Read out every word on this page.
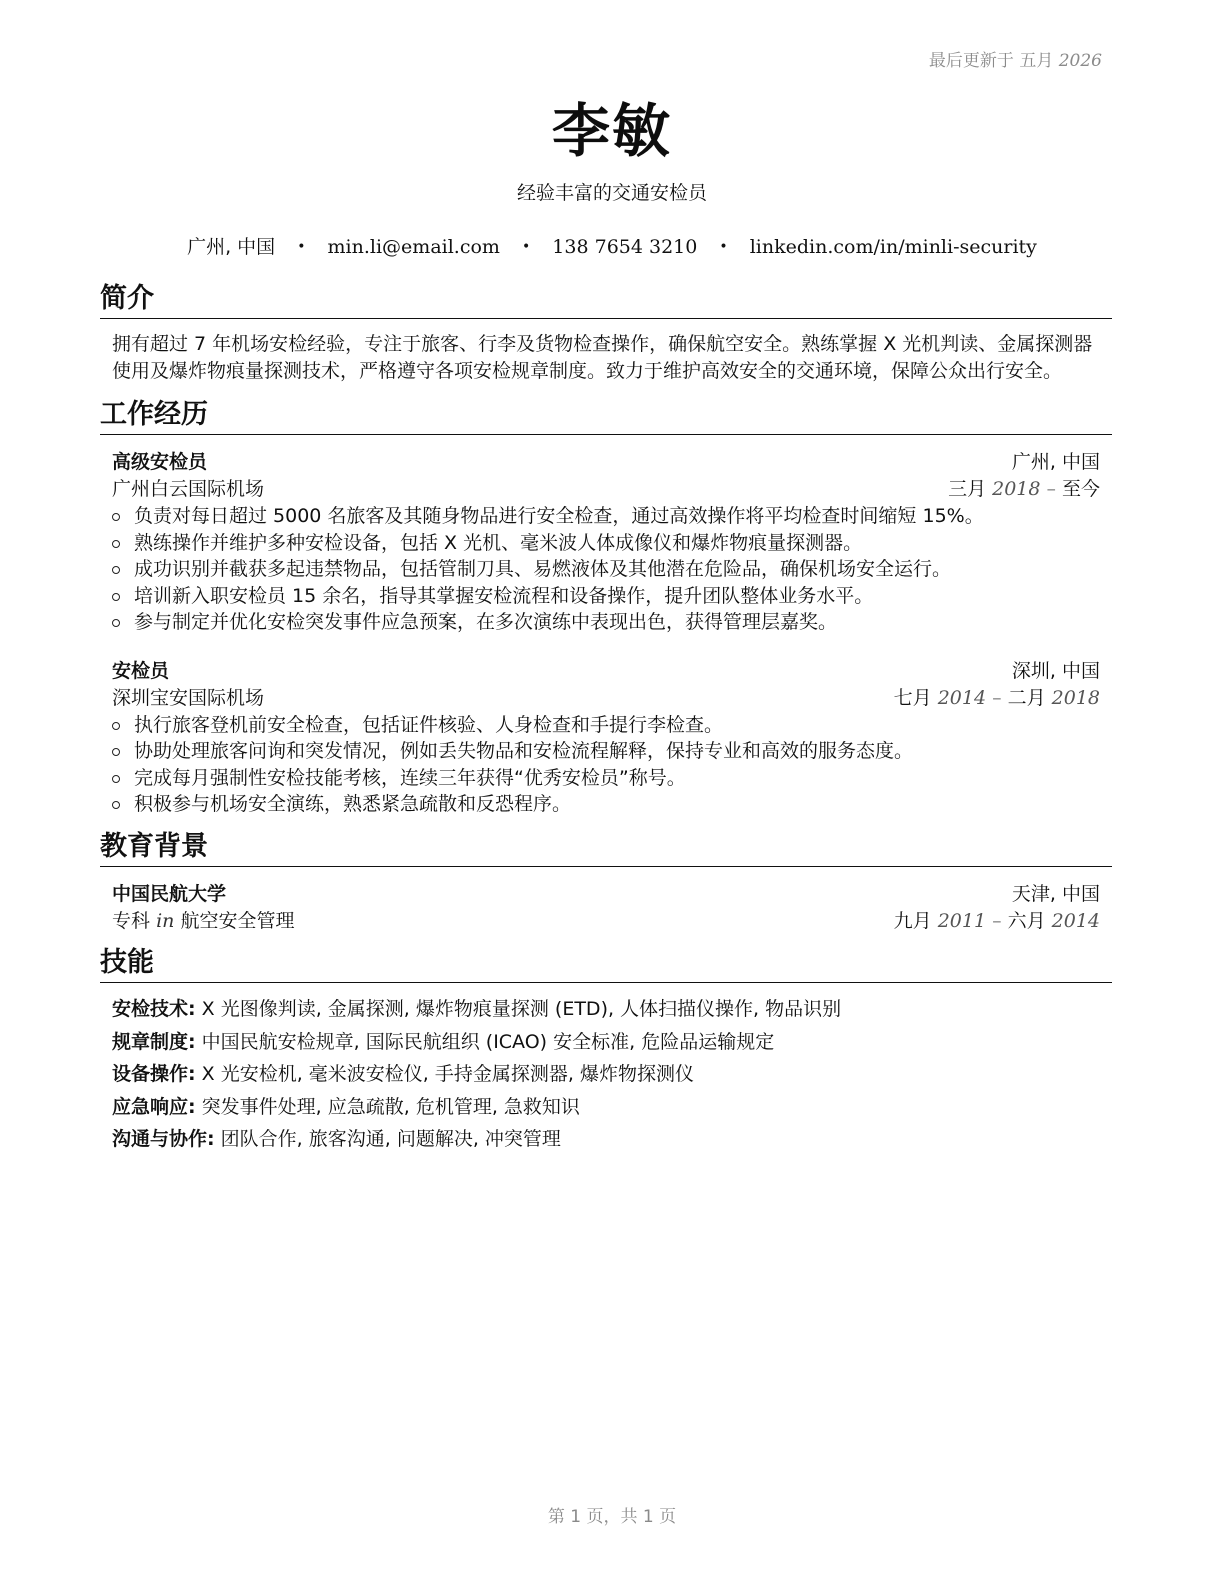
最后更新于 五月 2026
李敏
经验丰富的交通安检员
广州, 中国 • min.li@email.com • 138 7654 3210 • linkedin.com/in/minli-security
简介
拥有超过 7 年机场安检经验，专注于旅客、行李及货物检查操作，确保航空安全。熟练掌握 X 光机判读、金属探测器使用及爆炸物痕量探测技术，严格遵守各项安检规章制度。致力于维护高效安全的交通环境，保障公众出行安全。
工作经历
高级安检员	广州, 中国
广州白云国际机场	三月 2018 – 至今
负责对每日超过 5000 名旅客及其随身物品进行安全检查，通过高效操作将平均检查时间缩短 15%。
熟练操作并维护多种安检设备，包括 X 光机、毫米波人体成像仪和爆炸物痕量探测器。
成功识别并截获多起违禁物品，包括管制刀具、易燃液体及其他潜在危险品，确保机场安全运行。
培训新入职安检员 15 余名，指导其掌握安检流程和设备操作，提升团队整体业务水平。
参与制定并优化安检突发事件应急预案，在多次演练中表现出色，获得管理层嘉奖。
安检员	深圳, 中国
深圳宝安国际机场	七月 2014 – 二月 2018
执行旅客登机前安全检查，包括证件核验、人身检查和手提行李检查。
协助处理旅客问询和突发情况，例如丢失物品和安检流程解释，保持专业和高效的服务态度。
完成每月强制性安检技能考核，连续三年获得“优秀安检员”称号。
积极参与机场安全演练，熟悉紧急疏散和反恐程序。
教育背景
中国民航大学	天津, 中国
专科 in 航空安全管理	九月 2011 – 六月 2014
技能
安检技术: X 光图像判读, 金属探测, 爆炸物痕量探测 (ETD), 人体扫描仪操作, 物品识别
规章制度: 中国民航安检规章, 国际民航组织 (ICAO) 安全标准, 危险品运输规定
设备操作: X 光安检机, 毫米波安检仪, 手持金属探测器, 爆炸物探测仪
应急响应: 突发事件处理, 应急疏散, 危机管理, 急救知识
沟通与协作: 团队合作, 旅客沟通, 问题解决, 冲突管理
第 1 页，共 1 页
